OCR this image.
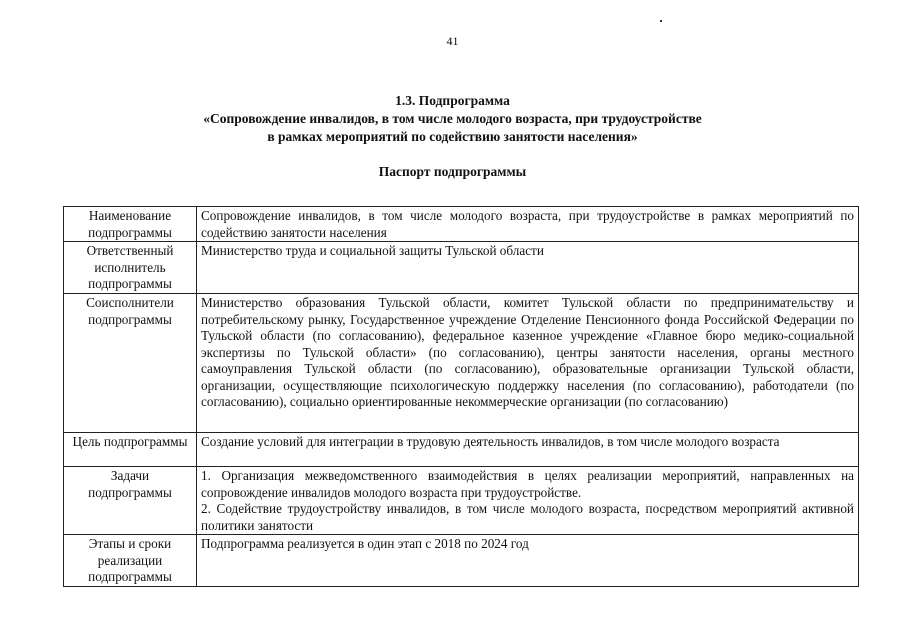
41
1.3. Подпрограмма
«Сопровождение инвалидов, в том числе молодого возраста, при трудоустройстве
в рамках мероприятий по содействию занятости населения»
Паспорт подпрограммы
Наименование подпрограммы	Сопровождение инвалидов, в том числе молодого возраста, при трудоустройстве в рамках мероприятий по содействию занятости населения
Ответственный исполнитель подпрограммы	Министерство труда и социальной защиты Тульской области
Соисполнители подпрограммы	Министерство образования Тульской области, комитет Тульской области по предпринимательству и потребительскому рынку, Государственное учреждение Отделение Пенсионного фонда Российской Федерации по Тульской области (по согласованию), федеральное казенное учреждение «Главное бюро медико-социальной экспертизы по Тульской области» (по согласованию), центры занятости населения, органы местного самоуправления Тульской области (по согласованию), образовательные организации Тульской области, организации, осуществляющие психологическую поддержку населения (по согласованию), работодатели (по согласованию), социально ориентированные некоммерческие организации (по согласованию)
Цель подпрограммы	Создание условий для интеграции в трудовую деятельность инвалидов, в том числе молодого возраста
Задачи подпрограммы	1. Организация межведомственного взаимодействия в целях реализации мероприятий, направленных на сопровождение инвалидов молодого возраста при трудоустройстве.

2. Содействие трудоустройству инвалидов, в том числе молодого возраста, посредством мероприятий активной политики занятости

Этапы и сроки реализации подпрограммы	Подпрограмма реализуется в один этап с 2018 по 2024 год
